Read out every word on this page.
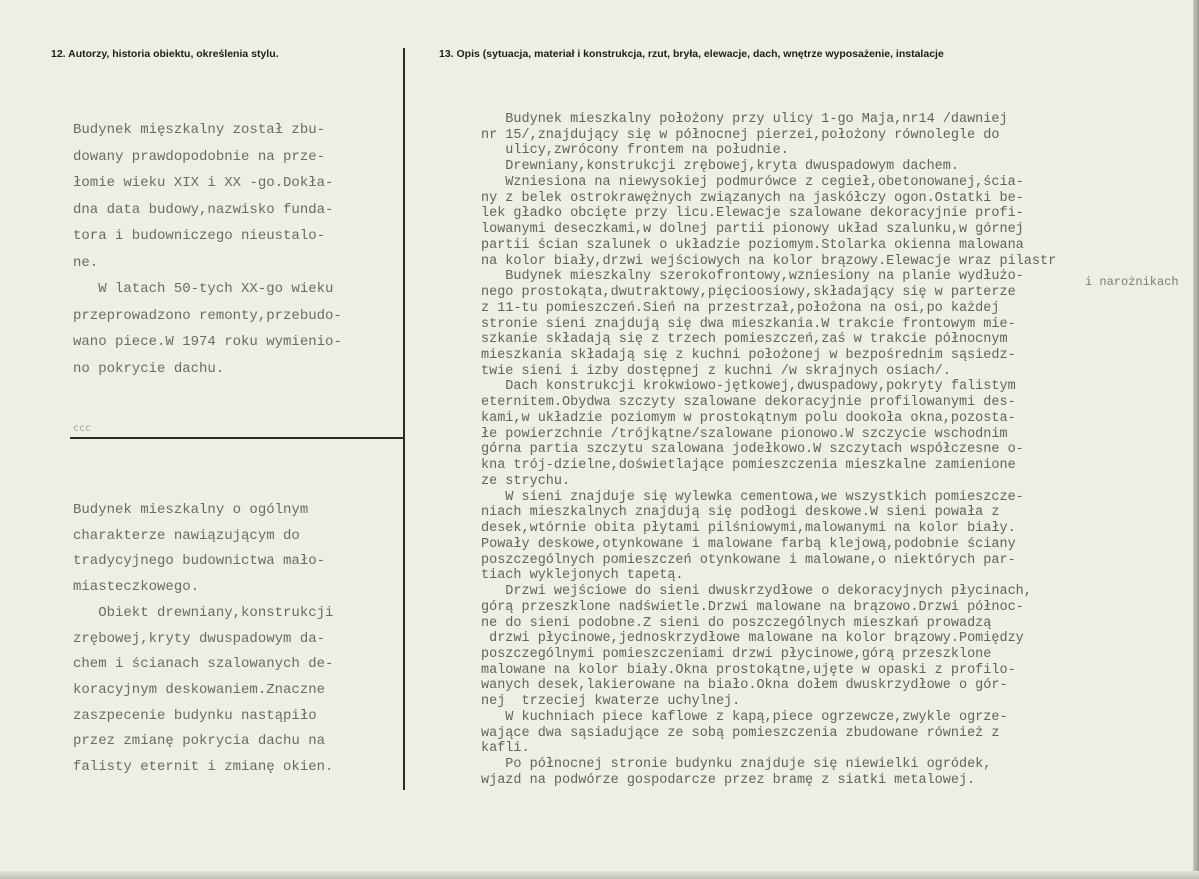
12. Autorzy, historia obiektu, określenia stylu.	13. Opis (sytuacja, materiał i konstrukcja, rzut, bryła, elewacje, dach, wnętrze wyposażenie, instalacje
ccc
Budynek mięszkalny został zbu-
dowany prawdopodobnie na prze-
łomie wieku XIX i XX -go.Dokła-
dna data budowy,nazwisko funda-
tora i budowniczego nieustalo-
ne.
W latach 50-tych XX-go wieku
przeprowadzono remonty,przebudo-
wano piece.W 1974 roku wymienio-
no pokrycie dachu.
Budynek mieszkalny o ogólnym
charakterze nawiązującym do
tradycyjnego budownictwa mało-
miasteczkowego.
Obiekt drewniany,konstrukcji
zrębowej,kryty dwuspadowym da-
chem i ścianach szalowanych de-
koracyjnym deskowaniem.Znaczne
zaszpecenie budynku nastąpiło
przez zmianę pokrycia dachu na
falisty eternit i zmianę okien.
Budynek mieszkalny położony przy ulicy 1-go Maja,nr14 /dawniej
nr 15/,znajdujący się w północnej pierzei,położony równolegle do
ulicy,zwrócony frontem na południe.
Drewniany,konstrukcji zrębowej,kryta dwuspadowym dachem.
Wzniesiona na niewysokiej podmurówce z cegieł,obetonowanej,ścia-
ny z belek ostrokrawężnych związanych na jaskółczy ogon.Ostatki be-
lek gładko obcięte przy licu.Elewacje szalowane dekoracyjnie profi-
lowanymi deseczkami,w dolnej partii pionowy układ szalunku,w górnej
partii ścian szalunek o układzie poziomym.Stolarka okienna malowana
na kolor biały,drzwi wejściowych na kolor brązowy.Elewacje wraz pilastr
Budynek mieszkalny szerokofrontowy,wzniesiony na planie wydłużo-
nego prostokąta,dwutraktowy,pięcioosiowy,składający się w parterze
z 11-tu pomieszczeń.Sień na przestrzał,położona na osi,po każdej
stronie sieni znajdują się dwa mieszkania.W trakcie frontowym mie-
szkanie składają się z trzech pomieszczeń,zaś w trakcie północnym
mieszkania składają się z kuchni położonej w bezpośrednim sąsiedz-
twie sieni i izby dostępnej z kuchni /w skrajnych osiach/.
Dach konstrukcji krokwiowo-jętkowej,dwuspadowy,pokryty falistym
eternitem.Obydwa szczyty szalowane dekoracyjnie profilowanymi des-
kami,w układzie poziomym w prostokątnym polu dookoła okna,pozosta-
łe powierzchnie /trójkątne/szalowane pionowo.W szczycie wschodnim
górna partia szczytu szalowana jodełkowo.W szczytach współczesne o-
kna trój-dzielne,doświetlające pomieszczenia mieszkalne zamienione
ze strychu.
W sieni znajduje się wylewka cementowa,we wszystkich pomieszcze-
niach mieszkalnych znajdują się podłogi deskowe.W sieni powała z
desek,wtórnie obita płytami pilśniowymi,malowanymi na kolor biały.
Powały deskowe,otynkowane i malowane farbą klejową,podobnie ściany
poszczególnych pomieszczeń otynkowane i malowane,o niektórych par-
tiach wyklejonych tapetą.
Drzwi wejściowe do sieni dwuskrzydłowe o dekoracyjnych płycinach,
górą przeszklone nadświetle.Drzwi malowane na brązowo.Drzwi północ-
ne do sieni podobne.Z sieni do poszczególnych mieszkań prowadzą
drzwi płycinowe,jednoskrzydłowe malowane na kolor brązowy.Pomiędzy
poszczególnymi pomieszczeniami drzwi płycinowe,górą przeszklone
malowane na kolor biały.Okna prostokątne,ujęte w opaski z profilo-
wanych desek,lakierowane na biało.Okna dołem dwuskrzydłowe o gór-
nej  trzeciej kwaterze uchylnej.
W kuchniach piece kaflowe z kapą,piece ogrzewcze,zwykle ogrze-
wające dwa sąsiadujące ze sobą pomieszczenia zbudowane również z
kafli.
Po północnej stronie budynku znajduje się niewielki ogródek,
wjazd na podwórze gospodarcze przez bramę z siatki metalowej.
i narożnikach
